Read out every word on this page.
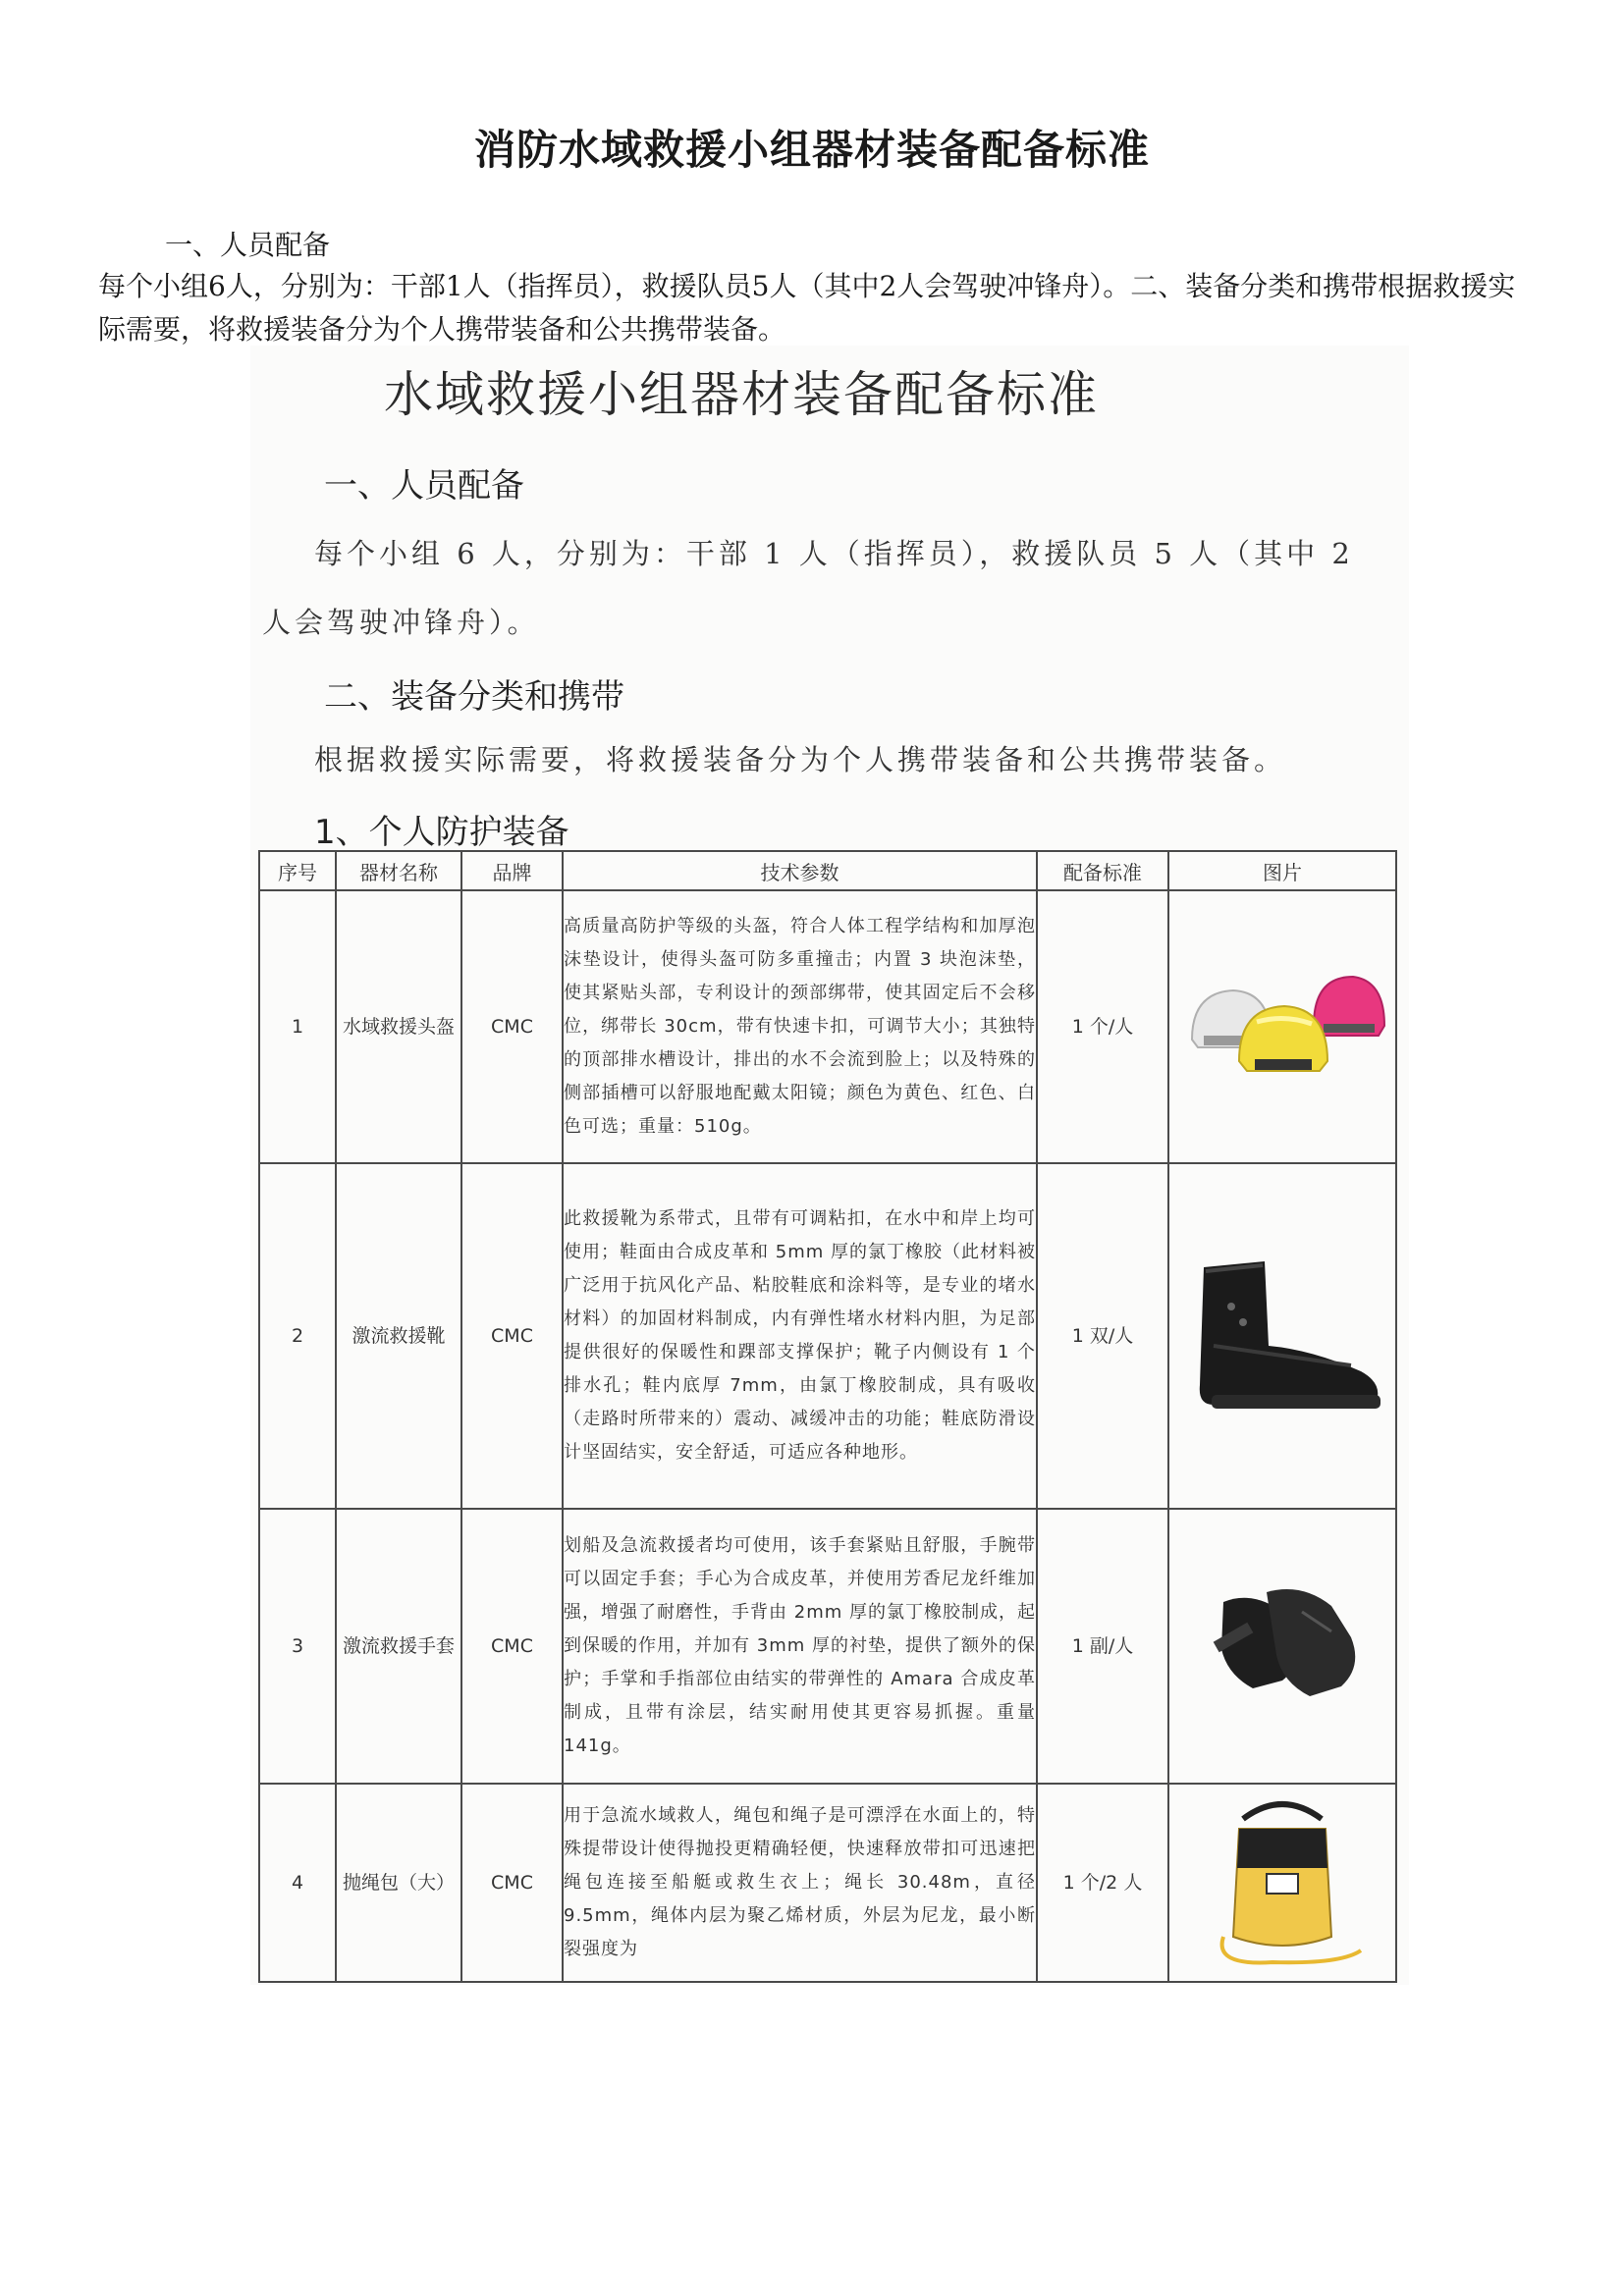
消防水域救援小组器材装备配备标准
一、人员配备
每个小组6人，分别为：干部1人（指挥员），救援队员5人（其中2人会驾驶冲锋舟）。二、装备分类和携带根据救援实际需要，将救援装备分为个人携带装备和公共携带装备。
水域救援小组器材装备配备标准
一、人员配备
每个小组 6 人，分别为：干部 1 人（指挥员），救援队员 5 人（其中 2
人会驾驶冲锋舟）。
二、装备分类和携带
根据救援实际需要，将救援装备分为个人携带装备和公共携带装备。
1、个人防护装备
序号	器材名称	品牌	技术参数	配备标准	图片
1	水域救援头盔	CMC	高质量高防护等级的头盔，符合人体工程学结构和加厚泡沫垫设计，使得头盔可防多重撞击；内置 3 块泡沫垫，使其紧贴头部，专利设计的颈部绑带，使其固定后不会移位，绑带长 30cm，带有快速卡扣，可调节大小；其独特的顶部排水槽设计，排出的水不会流到脸上；以及特殊的侧部插槽可以舒服地配戴太阳镜；颜色为黄色、红色、白色可选；重量：510g。	1 个/人	

2	激流救援靴	CMC	此救援靴为系带式，且带有可调粘扣，在水中和岸上均可使用；鞋面由合成皮革和 5mm 厚的氯丁橡胶（此材料被广泛用于抗风化产品、粘胶鞋底和涂料等，是专业的堵水材料）的加固材料制成，内有弹性堵水材料内胆，为足部提供很好的保暖性和踝部支撑保护；靴子内侧设有 1 个排水孔；鞋内底厚 7mm，由氯丁橡胶制成，具有吸收（走路时所带来的）震动、减缓冲击的功能；鞋底防滑设计坚固结实，安全舒适，可适应各种地形。	1 双/人	

3	激流救援手套	CMC	划船及急流救援者均可使用，该手套紧贴且舒服，手腕带可以固定手套；手心为合成皮革，并使用芳香尼龙纤维加强，增强了耐磨性，手背由 2mm 厚的氯丁橡胶制成，起到保暖的作用，并加有 3mm 厚的衬垫，提供了额外的保护；手掌和手指部位由结实的带弹性的 Amara 合成皮革制成，且带有涂层，结实耐用使其更容易抓握。重量 141g。	1 副/人	

4	抛绳包（大）	CMC	用于急流水域救人，绳包和绳子是可漂浮在水面上的，特殊提带设计使得抛投更精确轻便，快速释放带扣可迅速把绳包连接至船艇或救生衣上；绳长 30.48m，直径 9.5mm，绳体内层为聚乙烯材质，外层为尼龙，最小断裂强度为	1 个/2 人	
